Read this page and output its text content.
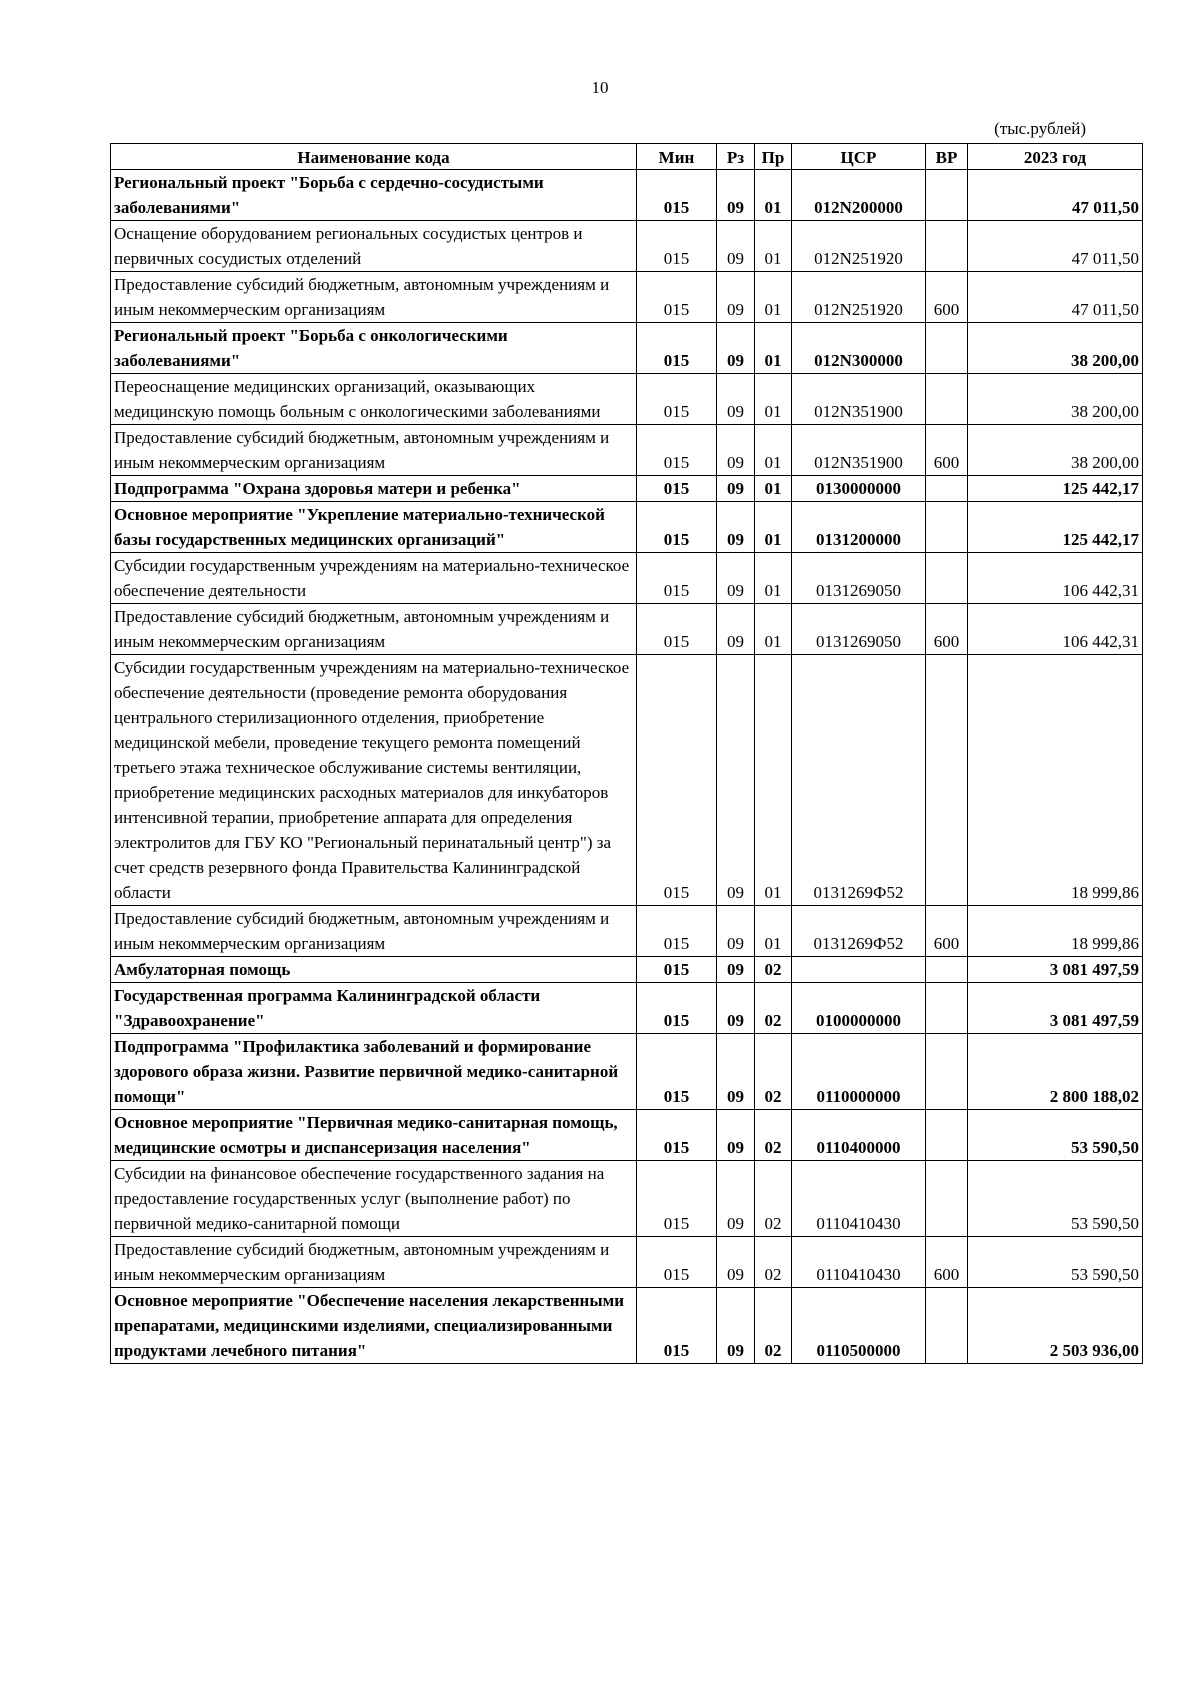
10
(тыс.рублей)
Наименование кода	Мин	Рз	Пр	ЦСР	ВР	2023 год
Региональный проект "Борьба с сердечно-сосудистыми заболеваниями"	015	09	01	012N200000		47 011,50
Оснащение оборудованием региональных сосудистых центров и первичных сосудистых отделений	015	09	01	012N251920		47 011,50
Предоставление субсидий бюджетным, автономным учреждениям и иным некоммерческим организациям	015	09	01	012N251920	600	47 011,50
Региональный проект "Борьба с онкологическими заболеваниями"	015	09	01	012N300000		38 200,00
Переоснащение медицинских организаций, оказывающих медицинскую помощь больным с онкологическими заболеваниями	015	09	01	012N351900		38 200,00
Предоставление субсидий бюджетным, автономным учреждениям и иным некоммерческим организациям	015	09	01	012N351900	600	38 200,00
Подпрограмма "Охрана здоровья матери и ребенка"	015	09	01	0130000000		125 442,17
Основное мероприятие "Укрепление материально-технической базы государственных медицинских организаций"	015	09	01	0131200000		125 442,17
Субсидии государственным учреждениям на материально-техническое обеспечение деятельности	015	09	01	0131269050		106 442,31
Предоставление субсидий бюджетным, автономным учреждениям и иным некоммерческим организациям	015	09	01	0131269050	600	106 442,31
Субсидии государственным учреждениям на материально-техническое обеспечение деятельности (проведение ремонта оборудования центрального стерилизационного отделения, приобретение медицинской мебели, проведение текущего ремонта помещений третьего этажа техническое обслуживание системы вентиляции, приобретение медицинских расходных материалов для инкубаторов интенсивной терапии, приобретение аппарата для определения электролитов для ГБУ КО "Региональный перинатальный центр") за счет средств резервного фонда Правительства Калининградской области	015	09	01	0131269Ф52		18 999,86
Предоставление субсидий бюджетным, автономным учреждениям и иным некоммерческим организациям	015	09	01	0131269Ф52	600	18 999,86
Амбулаторная помощь	015	09	02			3 081 497,59
Государственная программа Калининградской области "Здравоохранение"	015	09	02	0100000000		3 081 497,59
Подпрограмма "Профилактика заболеваний и формирование здорового образа жизни. Развитие первичной медико-санитарной помощи"	015	09	02	0110000000		2 800 188,02
Основное мероприятие "Первичная медико-санитарная помощь, медицинские осмотры и диспансеризация населения"	015	09	02	0110400000		53 590,50
Субсидии на финансовое обеспечение государственного задания на предоставление государственных услуг (выполнение работ) по первичной медико-санитарной помощи	015	09	02	0110410430		53 590,50
Предоставление субсидий бюджетным, автономным учреждениям и иным некоммерческим организациям	015	09	02	0110410430	600	53 590,50
Основное мероприятие "Обеспечение населения лекарственными препаратами, медицинскими изделиями, специализированными продуктами лечебного питания"	015	09	02	0110500000		2 503 936,00
